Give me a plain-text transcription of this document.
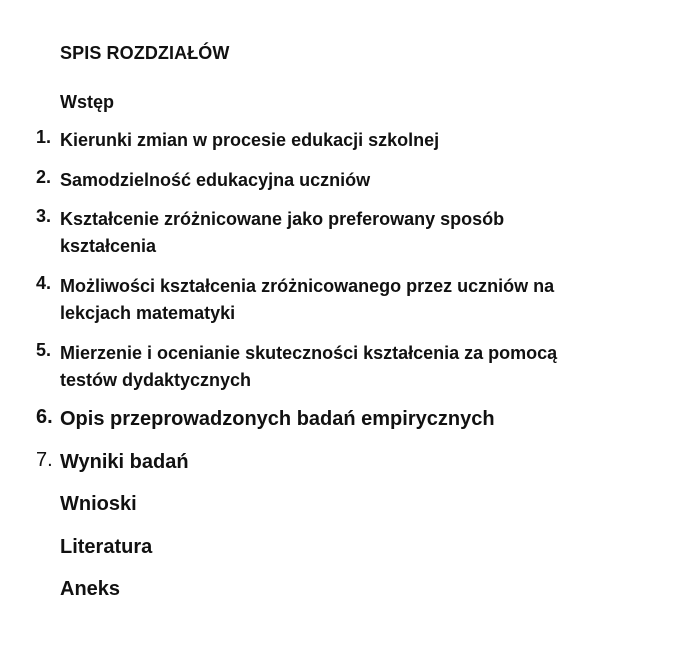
SPIS ROZDZIAŁÓW
Wstęp
1. Kierunki zmian w procesie edukacji szkolnej
2. Samodzielność edukacyjna uczniów
3. Kształcenie zróżnicowane jako preferowany sposób
kształcenia
4. Możliwości kształcenia zróżnicowanego przez uczniów na
lekcjach matematyki
5. Mierzenie i ocenianie skuteczności kształcenia za pomocą
testów dydaktycznych
6. Opis przeprowadzonych badań empirycznych
7. Wyniki badań
Wnioski
Literatura
Aneks
